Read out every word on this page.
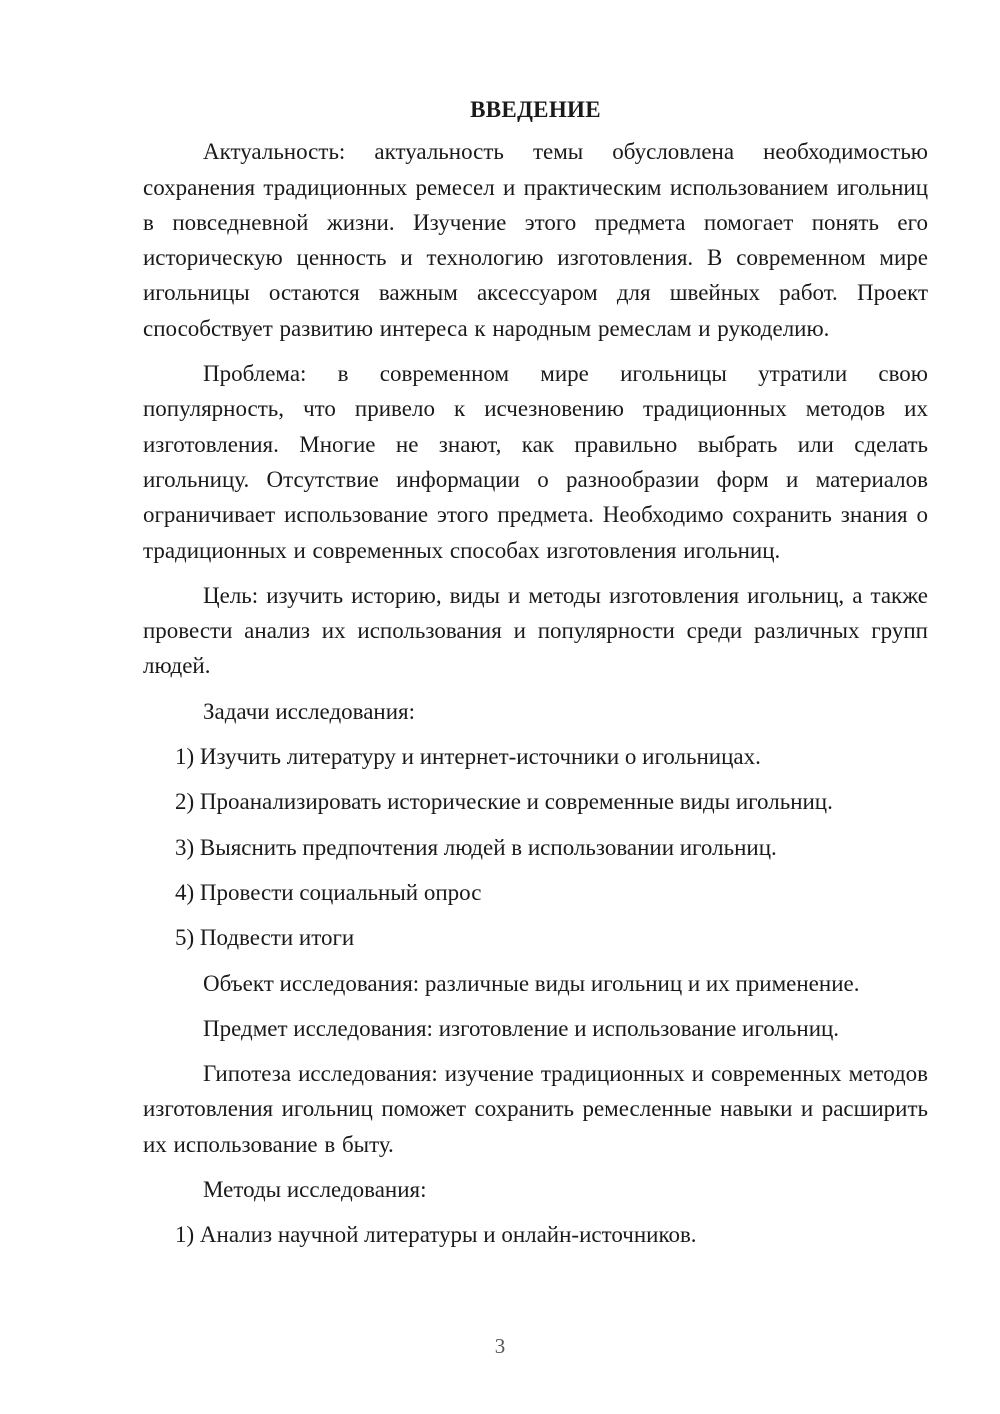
ВВЕДЕНИЕ

Актуальность: актуальность темы обусловлена необходимостью сохранения традиционных ремесел и практическим использованием игольниц в повседневной жизни. Изучение этого предмета помогает понять его историческую ценность и технологию изготовления. В современном мире игольницы остаются важным аксессуаром для швейных работ. Проект способствует развитию интереса к народным ремеслам и рукоделию.

Проблема: в современном мире игольницы утратили свою популярность, что привело к исчезновению традиционных методов их изготовления. Многие не знают, как правильно выбрать или сделать игольницу. Отсутствие информации о разнообразии форм и материалов ограничивает использование этого предмета. Необходимо сохранить знания о традиционных и современных способах изготовления игольниц.

Цель: изучить историю, виды и методы изготовления игольниц, а также провести анализ их использования и популярности среди различных групп людей.

Задачи исследования:

1) Изучить литературу и интернет-источники о игольницах.
2) Проанализировать исторические и современные виды игольниц.
3) Выяснить предпочтения людей в использовании игольниц.
4) Провести социальный опрос
5) Подвести итоги

Объект исследования: различные виды игольниц и их применение.

Предмет исследования: изготовление и использование игольниц.

Гипотеза исследования: изучение традиционных и современных методов изготовления игольниц поможет сохранить ремесленные навыки и расширить их использование в быту.

Методы исследования:

1) Анализ научной литературы и онлайн-источников.
3
